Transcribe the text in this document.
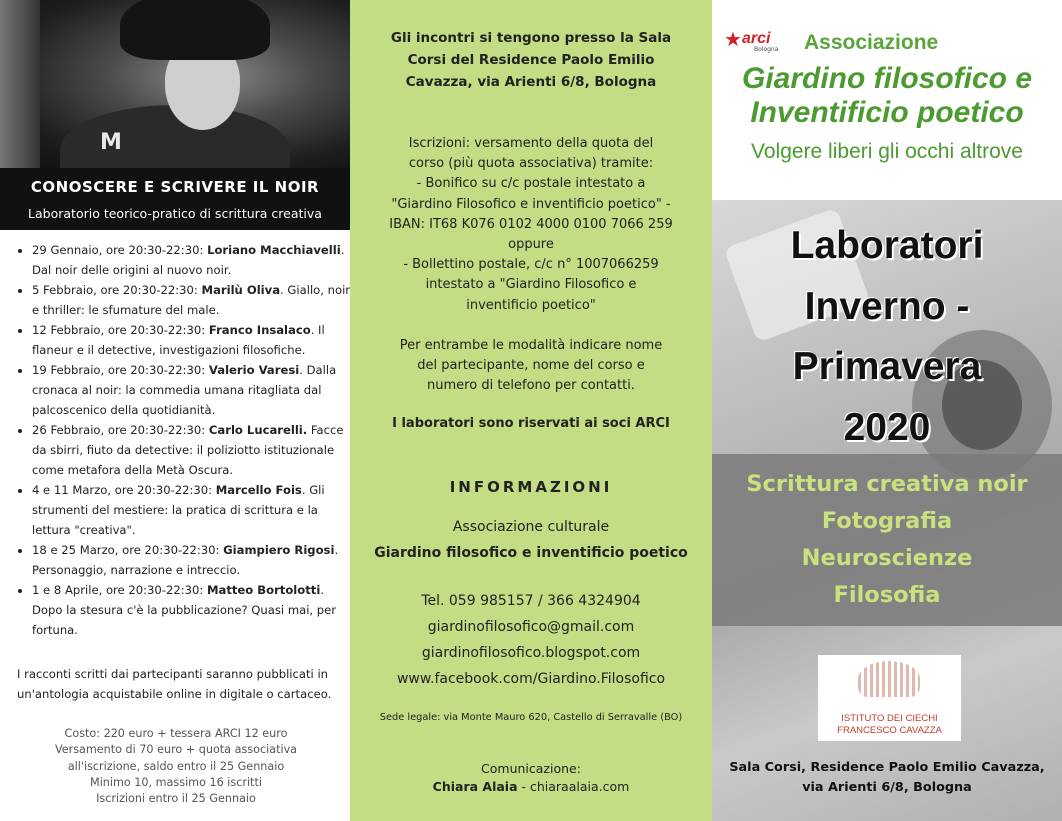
M
CONOSCERE E SCRIVERE IL NOIR
Laboratorio teorico-pratico di scrittura creativa
• 29 Gennaio, ore 20:30-22:30: Loriano Macchiavelli. Dal noir delle origini al nuovo noir.
• 5 Febbraio, ore 20:30-22:30: Marilù Oliva. Giallo, noir e thriller: le sfumature del male.
• 12 Febbraio, ore 20:30-22:30: Franco Insalaco. Il flaneur e il detective, investigazioni filosofiche.
• 19 Febbraio, ore 20:30-22:30: Valerio Varesi. Dalla cronaca al noir: la commedia umana ritagliata dal palcoscenico della quotidianità.
• 26 Febbraio, ore 20:30-22:30: Carlo Lucarelli. Facce da sbirri, fiuto da detective: il poliziotto istituzionale come metafora della Metà Oscura.
• 4 e 11 Marzo, ore 20:30-22:30: Marcello Fois. Gli strumenti del mestiere: la pratica di scrittura e la lettura "creativa".
• 18 e 25 Marzo, ore 20:30-22:30: Giampiero Rigosi. Personaggio, narrazione e intreccio.
• 1 e 8 Aprile, ore 20:30-22:30: Matteo Bortolotti. Dopo la stesura c'è la pubblicazione? Quasi mai, per fortuna.
I racconti scritti dai partecipanti saranno pubblicati in un'antologia acquistabile online in digitale o cartaceo.
Costo: 220 euro + tessera ARCI 12 euro
Versamento di 70 euro + quota associativa
all'iscrizione, saldo entro il 25 Gennaio
Minimo 10, massimo 16 iscritti
Iscrizioni entro il 25 Gennaio
Gli incontri si tengono presso la Sala
Corsi del Residence Paolo Emilio
Cavazza, via Arienti 6/8, Bologna
Iscrizioni: versamento della quota del
corso (più quota associativa) tramite:
- Bonifico su c/c postale intestato a
"Giardino Filosofico e inventificio poetico" -
IBAN: IT68 K076 0102 4000 0100 7066 259
oppure
- Bollettino postale, c/c n° 1007066259
intestato a "Giardino Filosofico e
inventificio poetico"
Per entrambe le modalità indicare nome
del partecipante, nome del corso e
numero di telefono per contatti.
I laboratori sono riservati ai soci ARCI
INFORMAZIONI
Associazione culturale
Giardino filosofico e inventificio poetico
Tel. 059 985157 / 366 4324904
giardinofilosofico@gmail.com
giardinofilosofico.blogspot.com
www.facebook.com/Giardino.Filosofico
Sede legale: via Monte Mauro 620, Castello di Serravalle (BO)
Comunicazione:
Chiara Alaia - chiaraalaia.com
★ arci
Bologna Associazione
Giardino filosofico e
Inventificio poetico
Volgere liberi gli occhi altrove
Laboratori
Inverno -
Primavera
2020
Scrittura creativa noir
Fotografia
Neuroscienze
Filosofia
ISTITUTO DEI CIECHI
FRANCESCO CAVAZZA
Sala Corsi, Residence Paolo Emilio Cavazza,
via Arienti 6/8, Bologna
